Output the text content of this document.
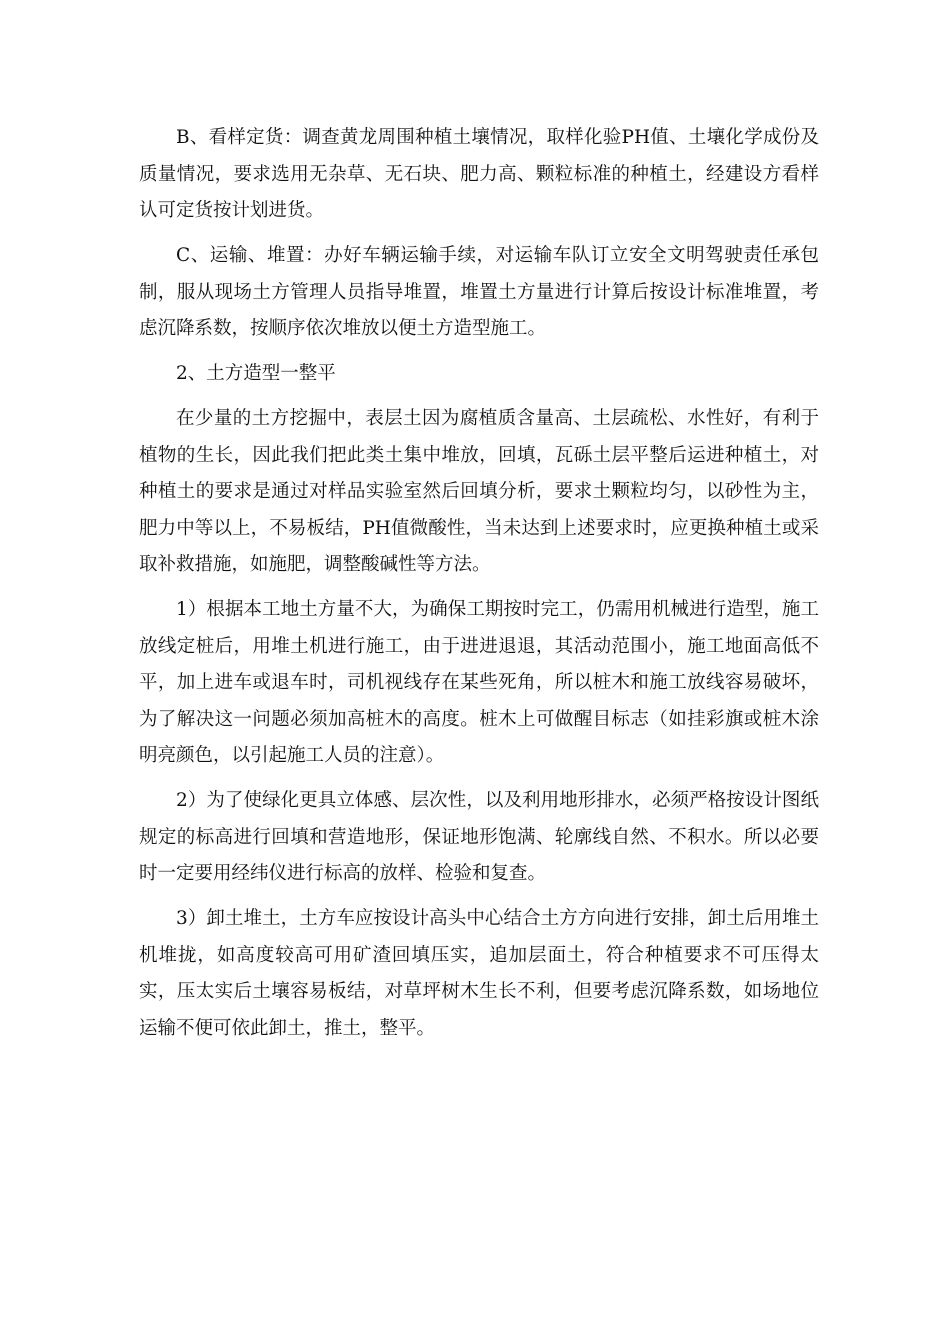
B、看样定货：调查黄龙周围种植土壤情况，取样化验PH值、土壤化学成份及质量情况，要求选用无杂草、无石块、肥力高、颗粒标准的种植土，经建设方看样认可定货按计划进货。

C、运输、堆置：办好车辆运输手续，对运输车队订立安全文明驾驶责任承包制，服从现场土方管理人员指导堆置，堆置土方量进行计算后按设计标准堆置，考虑沉降系数，按顺序依次堆放以便土方造型施工。

2、土方造型一整平

在少量的土方挖掘中，表层土因为腐植质含量高、土层疏松、水性好，有利于植物的生长，因此我们把此类土集中堆放，回填，瓦砾土层平整后运进种植土，对种植土的要求是通过对样品实验室然后回填分析，要求土颗粒均匀，以砂性为主，肥力中等以上，不易板结，PH值微酸性，当未达到上述要求时，应更换种植土或采取补救措施，如施肥，调整酸碱性等方法。

1）根据本工地土方量不大，为确保工期按时完工，仍需用机械进行造型，施工放线定桩后，用堆土机进行施工，由于进进退退，其活动范围小，施工地面高低不平，加上进车或退车时，司机视线存在某些死角，所以桩木和施工放线容易破坏，为了解决这一问题必须加高桩木的高度。桩木上可做醒目标志（如挂彩旗或桩木涂明亮颜色，以引起施工人员的注意）。

2）为了使绿化更具立体感、层次性，以及利用地形排水，必须严格按设计图纸规定的标高进行回填和营造地形，保证地形饱满、轮廓线自然、不积水。所以必要时一定要用经纬仪进行标高的放样、检验和复查。

3）卸土堆土，土方车应按设计高头中心结合土方方向进行安排，卸土后用堆土机堆拢，如高度较高可用矿渣回填压实，追加层面土，符合种植要求不可压得太实，压太实后土壤容易板结，对草坪树木生长不利，但要考虑沉降系数，如场地位运输不便可依此卸土，推土，整平。
